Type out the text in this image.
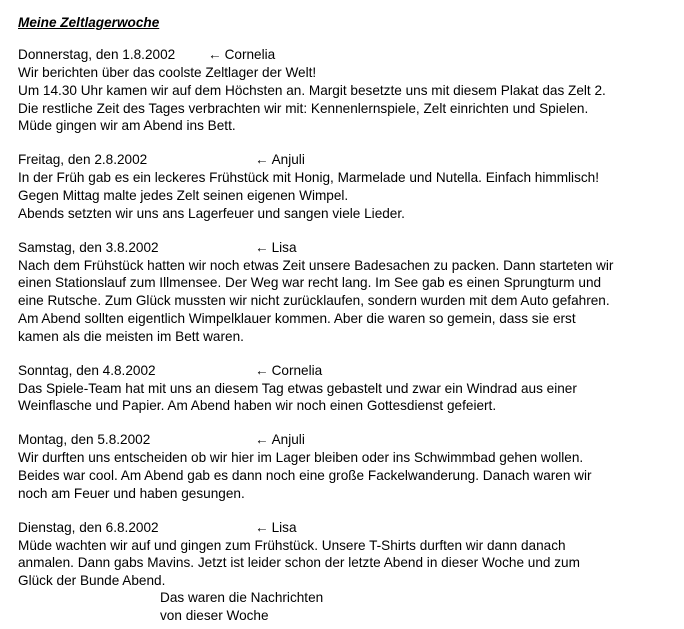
Meine Zeltlagerwoche
Donnerstag, den 1.8.2002 ← Cornelia
Wir berichten über das coolste Zeltlager der Welt!
Um 14.30 Uhr kamen wir auf dem Höchsten an. Margit besetzte uns mit diesem Plakat das Zelt 2.
Die restliche Zeit des Tages verbrachten wir mit: Kennenlernspiele, Zelt einrichten und Spielen.
Müde gingen wir am Abend ins Bett.
Freitag, den 2.8.2002	← Anjuli
In der Früh gab es ein leckeres Frühstück mit Honig, Marmelade und Nutella. Einfach himmlisch!
Gegen Mittag malte jedes Zelt seinen eigenen Wimpel.
Abends setzten wir uns ans Lagerfeuer und sangen viele Lieder.
Samstag, den 3.8.2002	← Lisa
Nach dem Frühstück hatten wir noch etwas Zeit unsere Badesachen zu packen. Dann starteten wir
einen Stationslauf zum Illmensee. Der Weg war recht lang. Im See gab es einen Sprungturm und
eine Rutsche. Zum Glück mussten wir nicht zurücklaufen, sondern wurden mit dem Auto gefahren.
Am Abend sollten eigentlich Wimpelklauer kommen. Aber die waren so gemein, dass sie erst
kamen als die meisten im Bett waren.
Sonntag, den 4.8.2002	← Cornelia
Das Spiele-Team hat mit uns an diesem Tag etwas gebastelt und zwar ein Windrad aus einer
Weinflasche und Papier. Am Abend haben wir noch einen Gottesdienst gefeiert.
Montag, den 5.8.2002	← Anjuli
Wir durften uns entscheiden ob wir hier im Lager bleiben oder ins Schwimmbad gehen wollen.
Beides war cool. Am Abend gab es dann noch eine große Fackelwanderung. Danach waren wir
noch am Feuer und haben gesungen.
Dienstag, den 6.8.2002	← Lisa
Müde wachten wir auf und gingen zum Frühstück. Unsere T-Shirts durften wir dann danach
anmalen. Dann gabs Mavins. Jetzt ist leider schon der letzte Abend in dieser Woche und zum
Glück der Bunde Abend.
Das waren die Nachrichten
von dieser Woche
